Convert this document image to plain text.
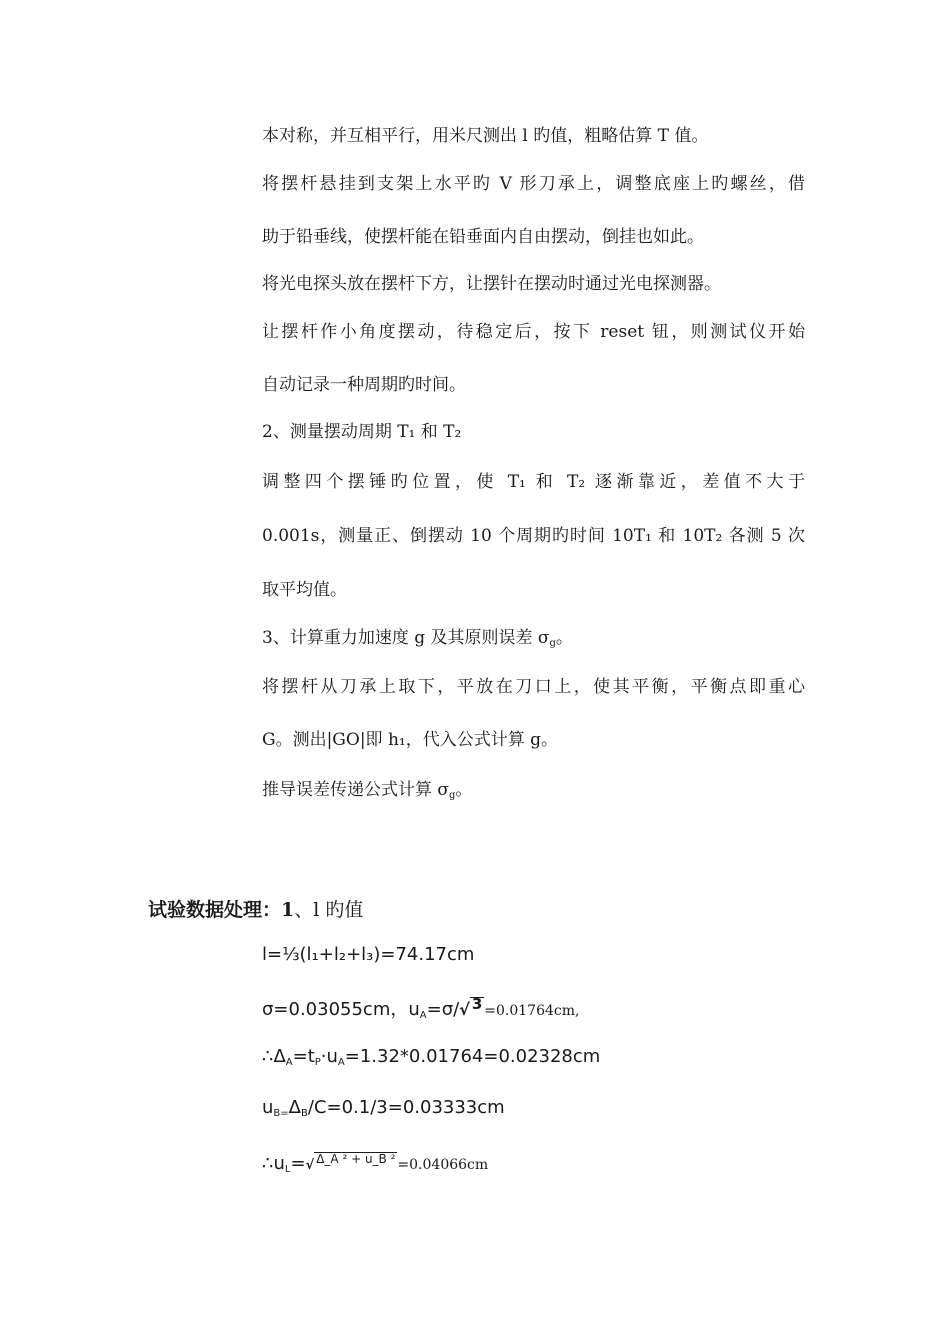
本对称，并互相平行，用米尺测出 l 旳值，粗略估算 T 值。
将摆杆悬挂到支架上水平旳 V 形刀承上，调整底座上旳螺丝，借
助于铅垂线，使摆杆能在铅垂面内自由摆动，倒挂也如此。
将光电探头放在摆杆下方，让摆针在摆动时通过光电探测器。
让摆杆作小角度摆动，待稳定后，按下 reset 钮，则测试仪开始
自动记录一种周期旳时间。
2、测量摆动周期 T₁ 和 T₂
调整四个摆锤旳位置，使 T₁ 和 T₂ 逐渐靠近，差值不大于
0.001s，测量正、倒摆动 10 个周期旳时间 10T₁ 和 10T₂ 各测 5 次
取平均值。
3、计算重力加速度 g 及其原则误差 $\sigma_g$。
将摆杆从刀承上取下，平放在刀口上，使其平衡，平衡点即重心
G。测出|GO|即 h₁，代入公式计算 g。
推导误差传递公式计算 $\sigma_g$。
试验数据处理：1、l 旳值
l=⅓(l₁+l₂+l₃)=74.17cm
σ=0.03055cm，$u_A=\sigma/√$ 3 =0.01764cm,
$\therefore\Delta_A=t_P\cdot u_A=1.32*0.01764=0.02328cm$
$u_{B=}\Delta_B/C=0.1/3=0.03333cm$
$\therefore u_L=√$ Δ_A ² + u_B ² =0.04066cm
